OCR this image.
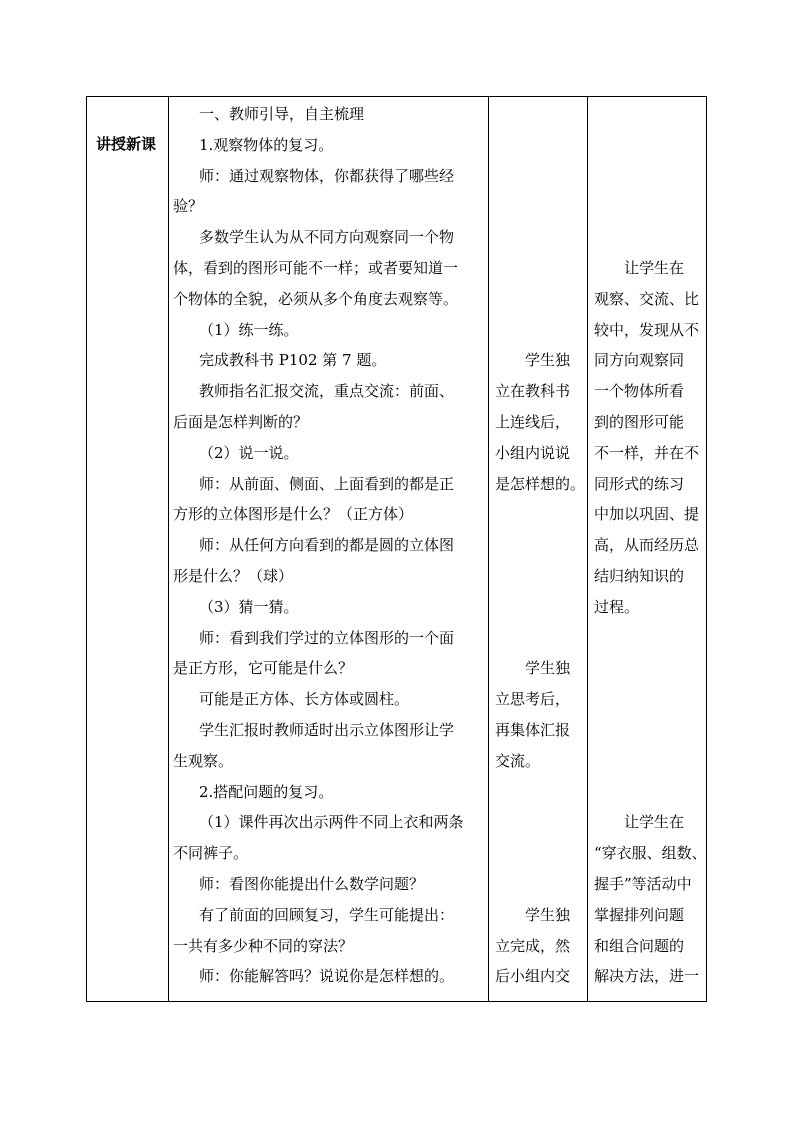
讲授新课
一、教师引导，自主梳理
1.观察物体的复习。
师：通过观察物体，你都获得了哪些经
验？
多数学生认为从不同方向观察同一个物
体，看到的图形可能不一样；或者要知道一
个物体的全貌，必须从多个角度去观察等。
（1）练一练。
完成教科书 P102 第 7 题。
教师指名汇报交流，重点交流：前面、
后面是怎样判断的？
（2）说一说。
师：从前面、侧面、上面看到的都是正
方形的立体图形是什么？（正方体）
师：从任何方向看到的都是圆的立体图
形是什么？（球）
（3）猜一猜。
师：看到我们学过的立体图形的一个面
是正方形，它可能是什么？
可能是正方体、长方体或圆柱。
学生汇报时教师适时出示立体图形让学
生观察。
2.搭配问题的复习。
（1）课件再次出示两件不同上衣和两条
不同裤子。
师：看图你能提出什么数学问题？
有了前面的回顾复习，学生可能提出：
一共有多少种不同的穿法？
师：你能解答吗？说说你是怎样想的。
学生独
立在教科书
上连线后，
小组内说说
是怎样想的。
学生独
立思考后，
再集体汇报
交流。
学生独
立完成，然
后小组内交
让学生在
观察、交流、比
较中，发现从不
同方向观察同
一个物体所看
到的图形可能
不一样，并在不
同形式的练习
中加以巩固、提
高，从而经历总
结归纳知识的
过程。
让学生在
“穿衣服、组数、
握手”等活动中
掌握排列问题
和组合问题的
解决方法，进一
